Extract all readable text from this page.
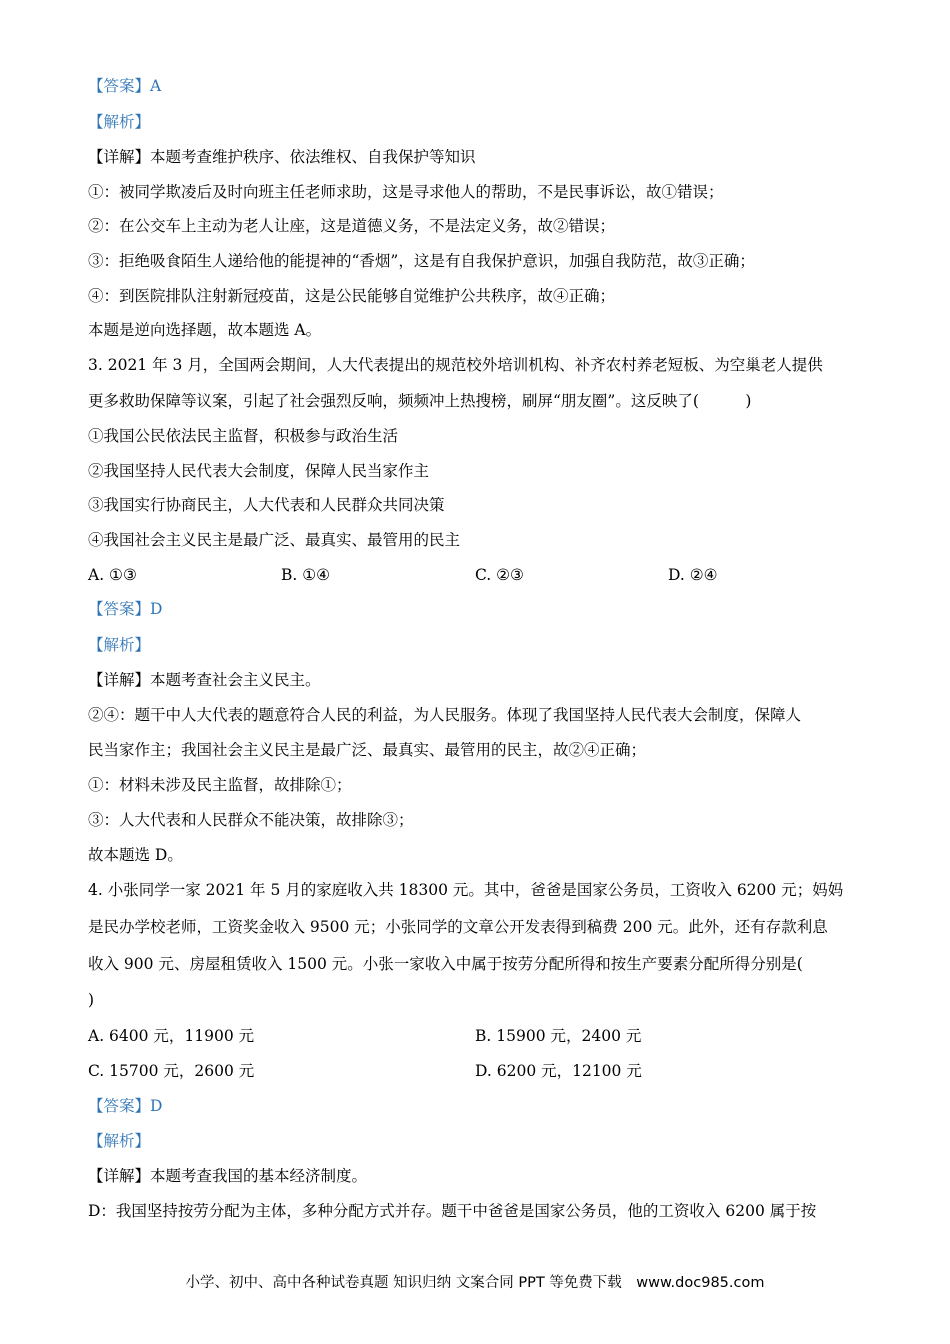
【答案】A
【解析】
【详解】本题考查维护秩序、依法维权、自我保护等知识
①：被同学欺凌后及时向班主任老师求助，这是寻求他人的帮助，不是民事诉讼，故①错误；
②：在公交车上主动为老人让座，这是道德义务，不是法定义务，故②错误；
③：拒绝吸食陌生人递给他的能提神的“香烟”，这是有自我保护意识，加强自我防范，故③正确；
④：到医院排队注射新冠疫苗，这是公民能够自觉维护公共秩序，故④正确；
本题是逆向选择题，故本题选 A。
3. 2021 年 3 月，全国两会期间，人大代表提出的规范校外培训机构、补齐农村养老短板、为空巢老人提供
更多救助保障等议案，引起了社会强烈反响，频频冲上热搜榜，刷屏“朋友圈”。这反映了(　　　)
①我国公民依法民主监督，积极参与政治生活
②我国坚持人民代表大会制度，保障人民当家作主
③我国实行协商民主，人大代表和人民群众共同决策
④我国社会主义民主是最广泛、最真实、最管用的民主
A. ①③	B. ①④	C. ②③	D. ②④
【答案】D
【解析】
【详解】本题考查社会主义民主。
②④：题干中人大代表的题意符合人民的利益，为人民服务。体现了我国坚持人民代表大会制度，保障人
民当家作主；我国社会主义民主是最广泛、最真实、最管用的民主，故②④正确；
①：材料未涉及民主监督，故排除①；
③：人大代表和人民群众不能决策，故排除③；
故本题选 D。
4. 小张同学一家 2021 年 5 月的家庭收入共 18300 元。其中，爸爸是国家公务员，工资收入 6200 元；妈妈
是民办学校老师，工资奖金收入 9500 元；小张同学的文章公开发表得到稿费 200 元。此外，还有存款利息
收入 900 元、房屋租赁收入 1500 元。小张一家收入中属于按劳分配所得和按生产要素分配所得分别是(
)
A. 6400 元，11900 元	B. 15900 元，2400 元
C. 15700 元，2600 元	D. 6200 元，12100 元
【答案】D
【解析】
【详解】本题考查我国的基本经济制度。
D：我国坚持按劳分配为主体，多种分配方式并存。题干中爸爸是国家公务员，他的工资收入 6200 属于按
小学、初中、高中各种试卷真题 知识归纳 文案合同 PPT 等免费下载　www.doc985.com
